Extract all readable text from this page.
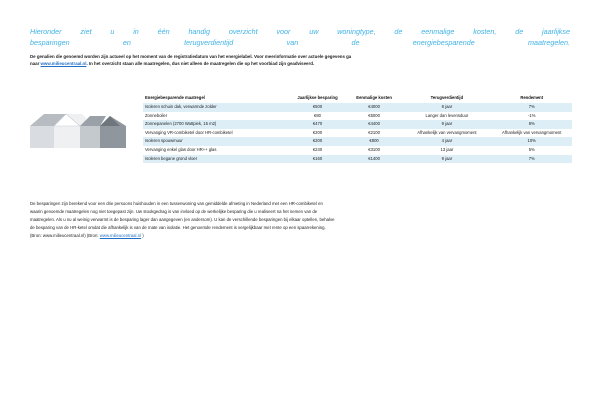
Hieronder ziet u in één handig overzicht voor uw woningtype, de eenmalige kosten, de jaarlijkse
besparingen en terugverdientijd van de energiebesparende maatregelen.
De genalien die genoemd worden zijn actueel op het moment van de registratiedatum van het energielabel. Voor meerinformatie over actuele gegevens ga
naar www.milieucentraal.nl. In het overzicht staan alle maatregelen, dus niet alleen de maatregelen die op het voorbiad zijn geadviseerd.
Energiebesparende maatregel	Jaarlijkse besparing	Eenmalige kosten	Terugverdientijd	Rendement
Isoleren schuin dak, verwarmde zolder	€500	€4000	8 jaar	7%
Zonneboiler	€80	€5000	Langer dan levensduur	-1%
Zonnepanelen (2700 Wattpiek, 15 m2)	€470	€4400	9 jaar	8%
Vervanging VR-combiketel door HR-combiketel	€200	€2100	Afhankelijk van vervangmoment	Afhankelijk van vervangmoment
Isoleren spouwmuur	€200	€800	4 jaar	10%
Vervanging enkel glas door HR++ glas	€240	€3100	13 jaar	5%
Isoleren begane grond vloer	€160	€1400	9 jaar	7%
De besparingen zijn berekend voor een drie persoons huishouden in een tussenwoning van gemiddelde afmeting in Nederland met een HR-combiketel en
waarin genoemde maatregelen nog niet toegepast zijn. Uw stookgedrag is van invloed op de werkelijke besparing die u realiseert na het nemen van de
maatregelen. Als u nu al weinig verwarmt is de besparing lager dan aangegeven (en andersom). U kan de verschillende besparingen bij elkaar optellen, behalve
de besparing van de HR-ketel omdat die afhankelijk is van de mate van isolatie. Het genoemde rendement is vergelijkbaar met rente op een spaarrekening.
(Bron: www.milieucentraal.nl) (Bron: www.milieucentraal.nl )
